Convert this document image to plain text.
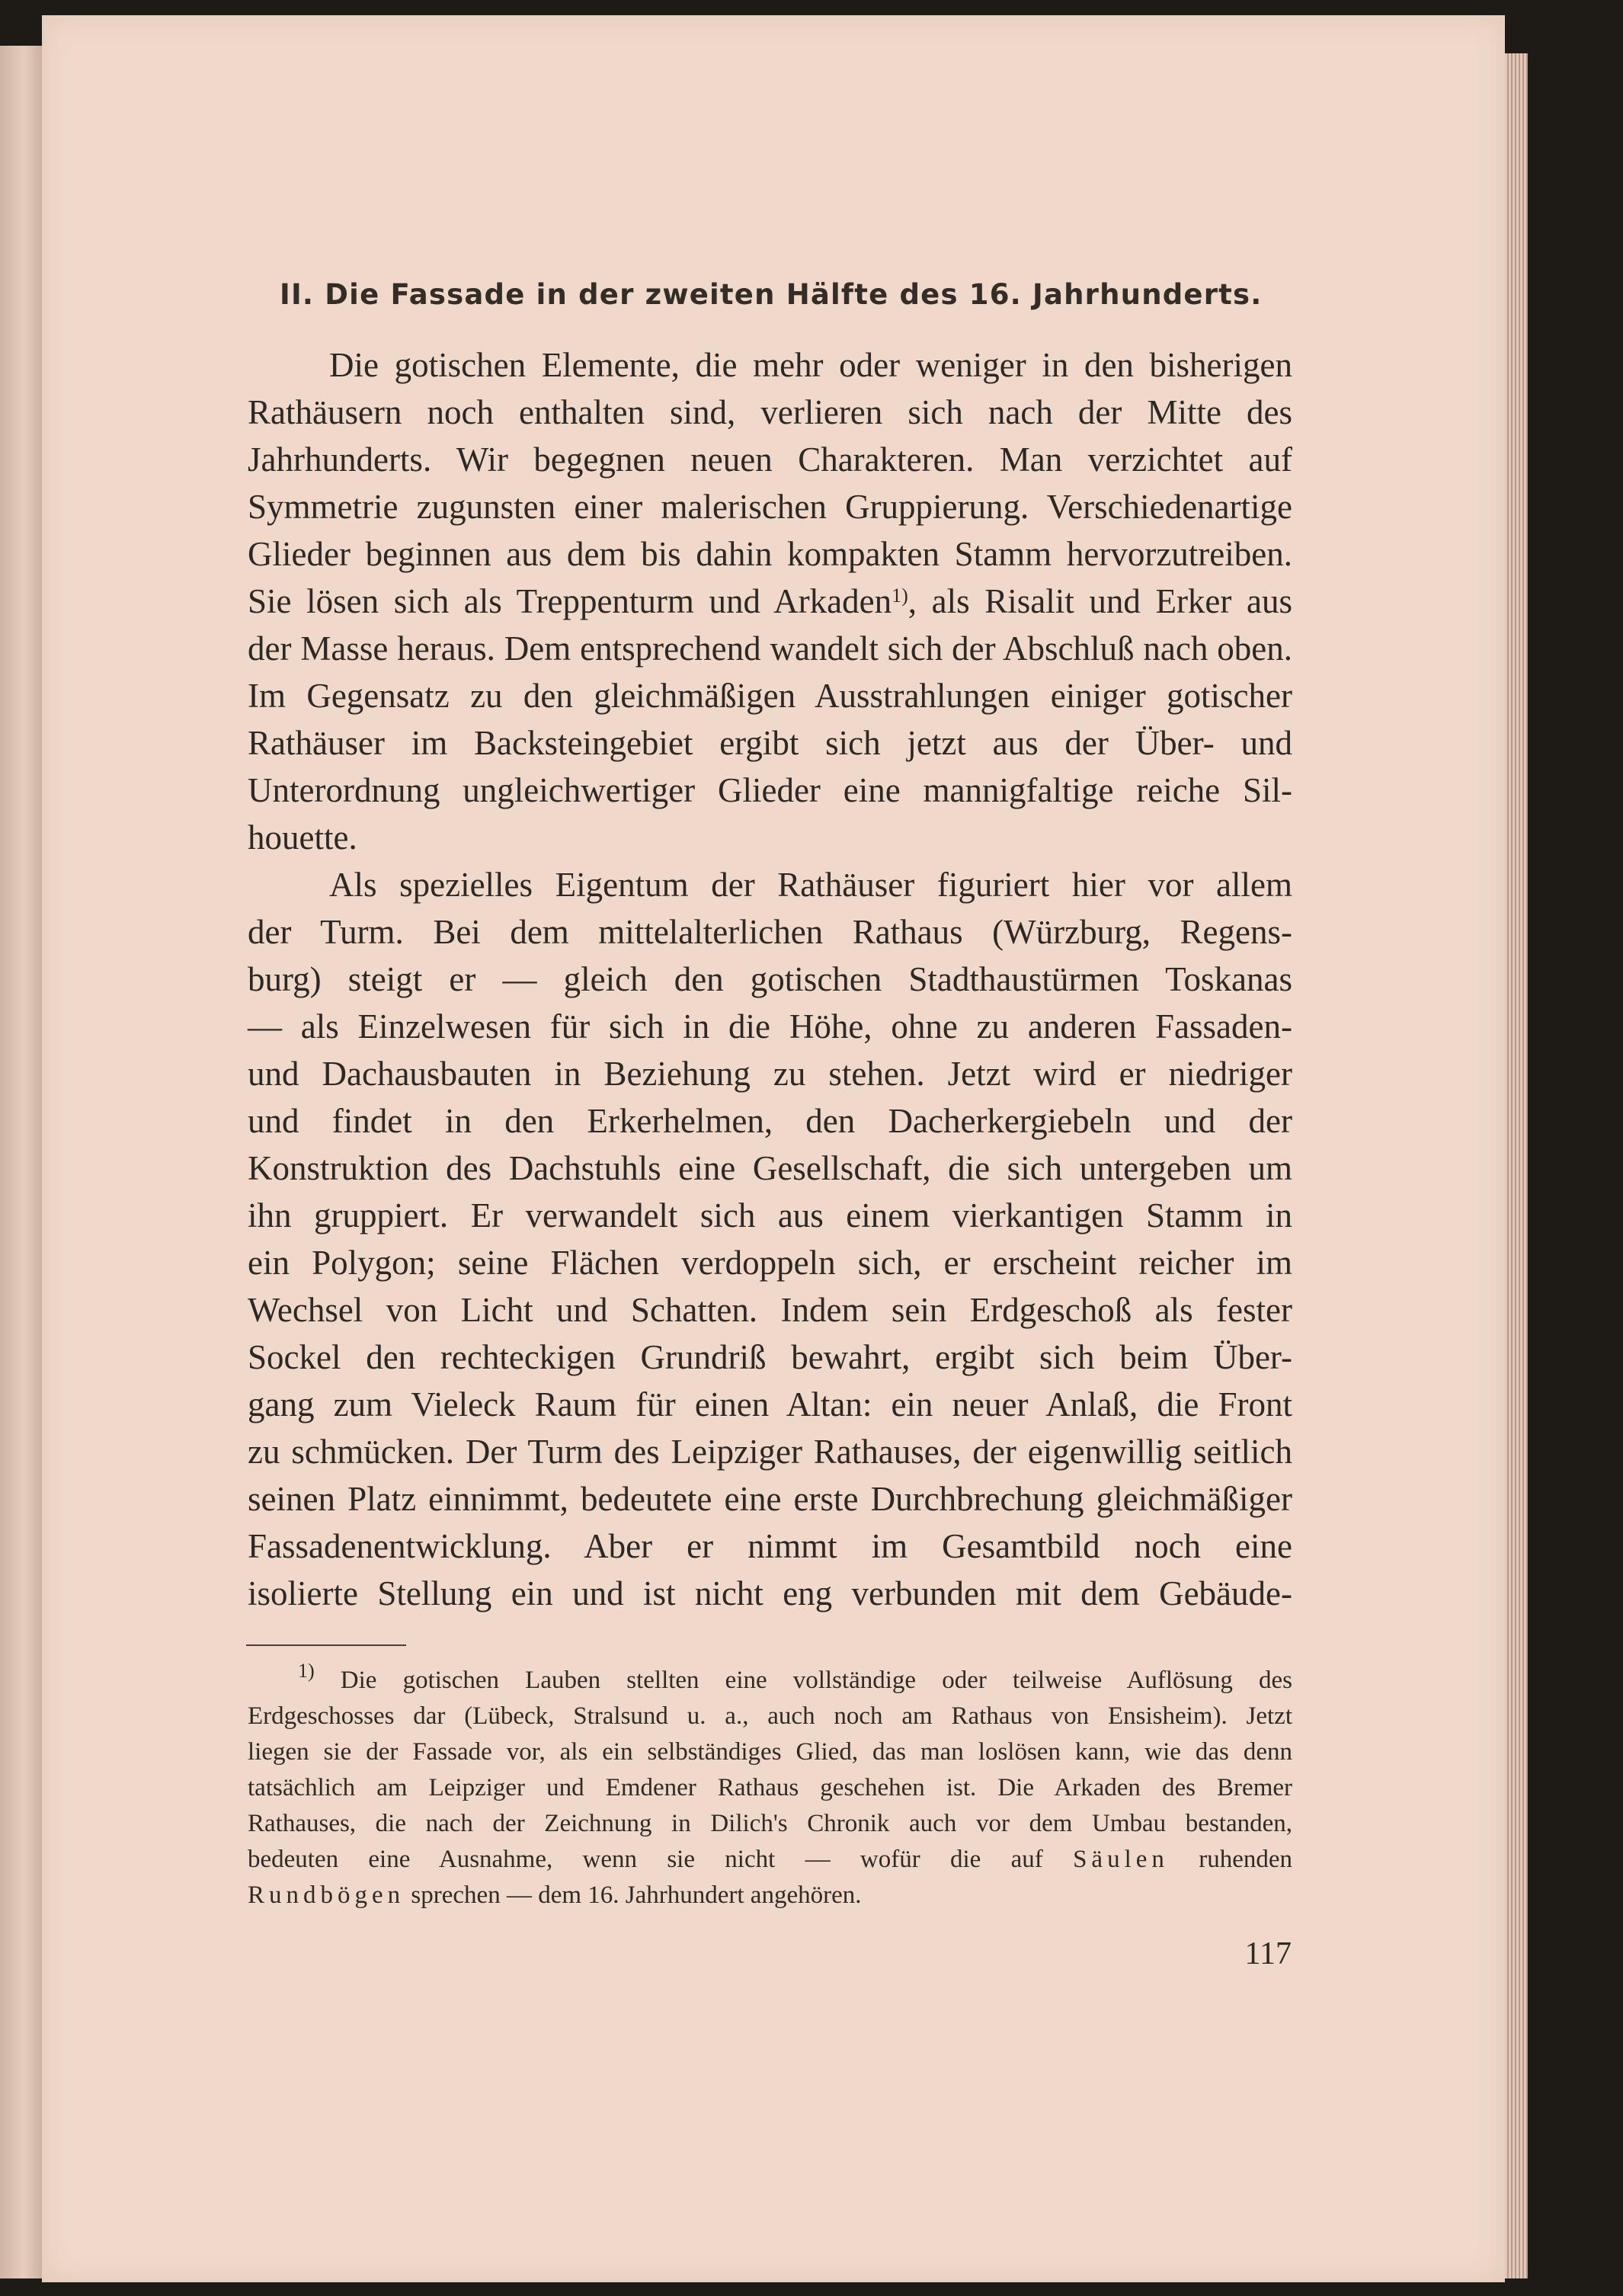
II. Die Fassade in der zweiten Hälfte des 16. Jahrhunderts.
Die gotischen Elemente, die mehr oder weniger in den bisherigen
Rathäusern noch enthalten sind, verlieren sich nach der Mitte des
Jahrhunderts. Wir begegnen neuen Charakteren. Man verzichtet auf
Symmetrie zugunsten einer malerischen Gruppierung. Verschiedenartige
Glieder beginnen aus dem bis dahin kompakten Stamm hervorzutreiben.
Sie lösen sich als Treppenturm und Arkaden$^{1)}$, als Risalit und Erker aus
der Masse heraus. Dem entsprechend wandelt sich der Abschluß nach oben.
Im Gegensatz zu den gleichmäßigen Ausstrahlungen einiger gotischer
Rathäuser im Backsteingebiet ergibt sich jetzt aus der Über- und
Unterordnung ungleichwertiger Glieder eine mannigfaltige reiche Sil-
houette.
Als spezielles Eigentum der Rathäuser figuriert hier vor allem
der Turm. Bei dem mittelalterlichen Rathaus (Würzburg, Regens-
burg) steigt er — gleich den gotischen Stadthaustürmen Toskanas
— als Einzelwesen für sich in die Höhe, ohne zu anderen Fassaden-
und Dachausbauten in Beziehung zu stehen. Jetzt wird er niedriger
und findet in den Erkerhelmen, den Dacherkergiebeln und der
Konstruktion des Dachstuhls eine Gesellschaft, die sich untergeben um
ihn gruppiert. Er verwandelt sich aus einem vierkantigen Stamm in
ein Polygon; seine Flächen verdoppeln sich, er erscheint reicher im
Wechsel von Licht und Schatten. Indem sein Erdgeschoß als fester
Sockel den rechteckigen Grundriß bewahrt, ergibt sich beim Über-
gang zum Vieleck Raum für einen Altan: ein neuer Anlaß, die Front
zu schmücken. Der Turm des Leipziger Rathauses, der eigenwillig seitlich
seinen Platz einnimmt, bedeutete eine erste Durchbrechung gleichmäßiger
Fassadenentwicklung. Aber er nimmt im Gesamtbild noch eine
isolierte Stellung ein und ist nicht eng verbunden mit dem Gebäude-
$^{1)}$ Die gotischen Lauben stellten eine vollständige oder teilweise Auflösung des
Erdgeschosses dar (Lübeck, Stralsund u. a., auch noch am Rathaus von Ensisheim). Jetzt
liegen sie der Fassade vor, als ein selbständiges Glied, das man loslösen kann, wie das denn
tatsächlich am Leipziger und Emdener Rathaus geschehen ist. Die Arkaden des Bremer
Rathauses, die nach der Zeichnung in Dilich's Chronik auch vor dem Umbau bestanden,
bedeuten eine Ausnahme, wenn sie nicht — wofür die auf Säulen ruhenden
Rundbögen sprechen — dem 16. Jahrhundert angehören.
117
